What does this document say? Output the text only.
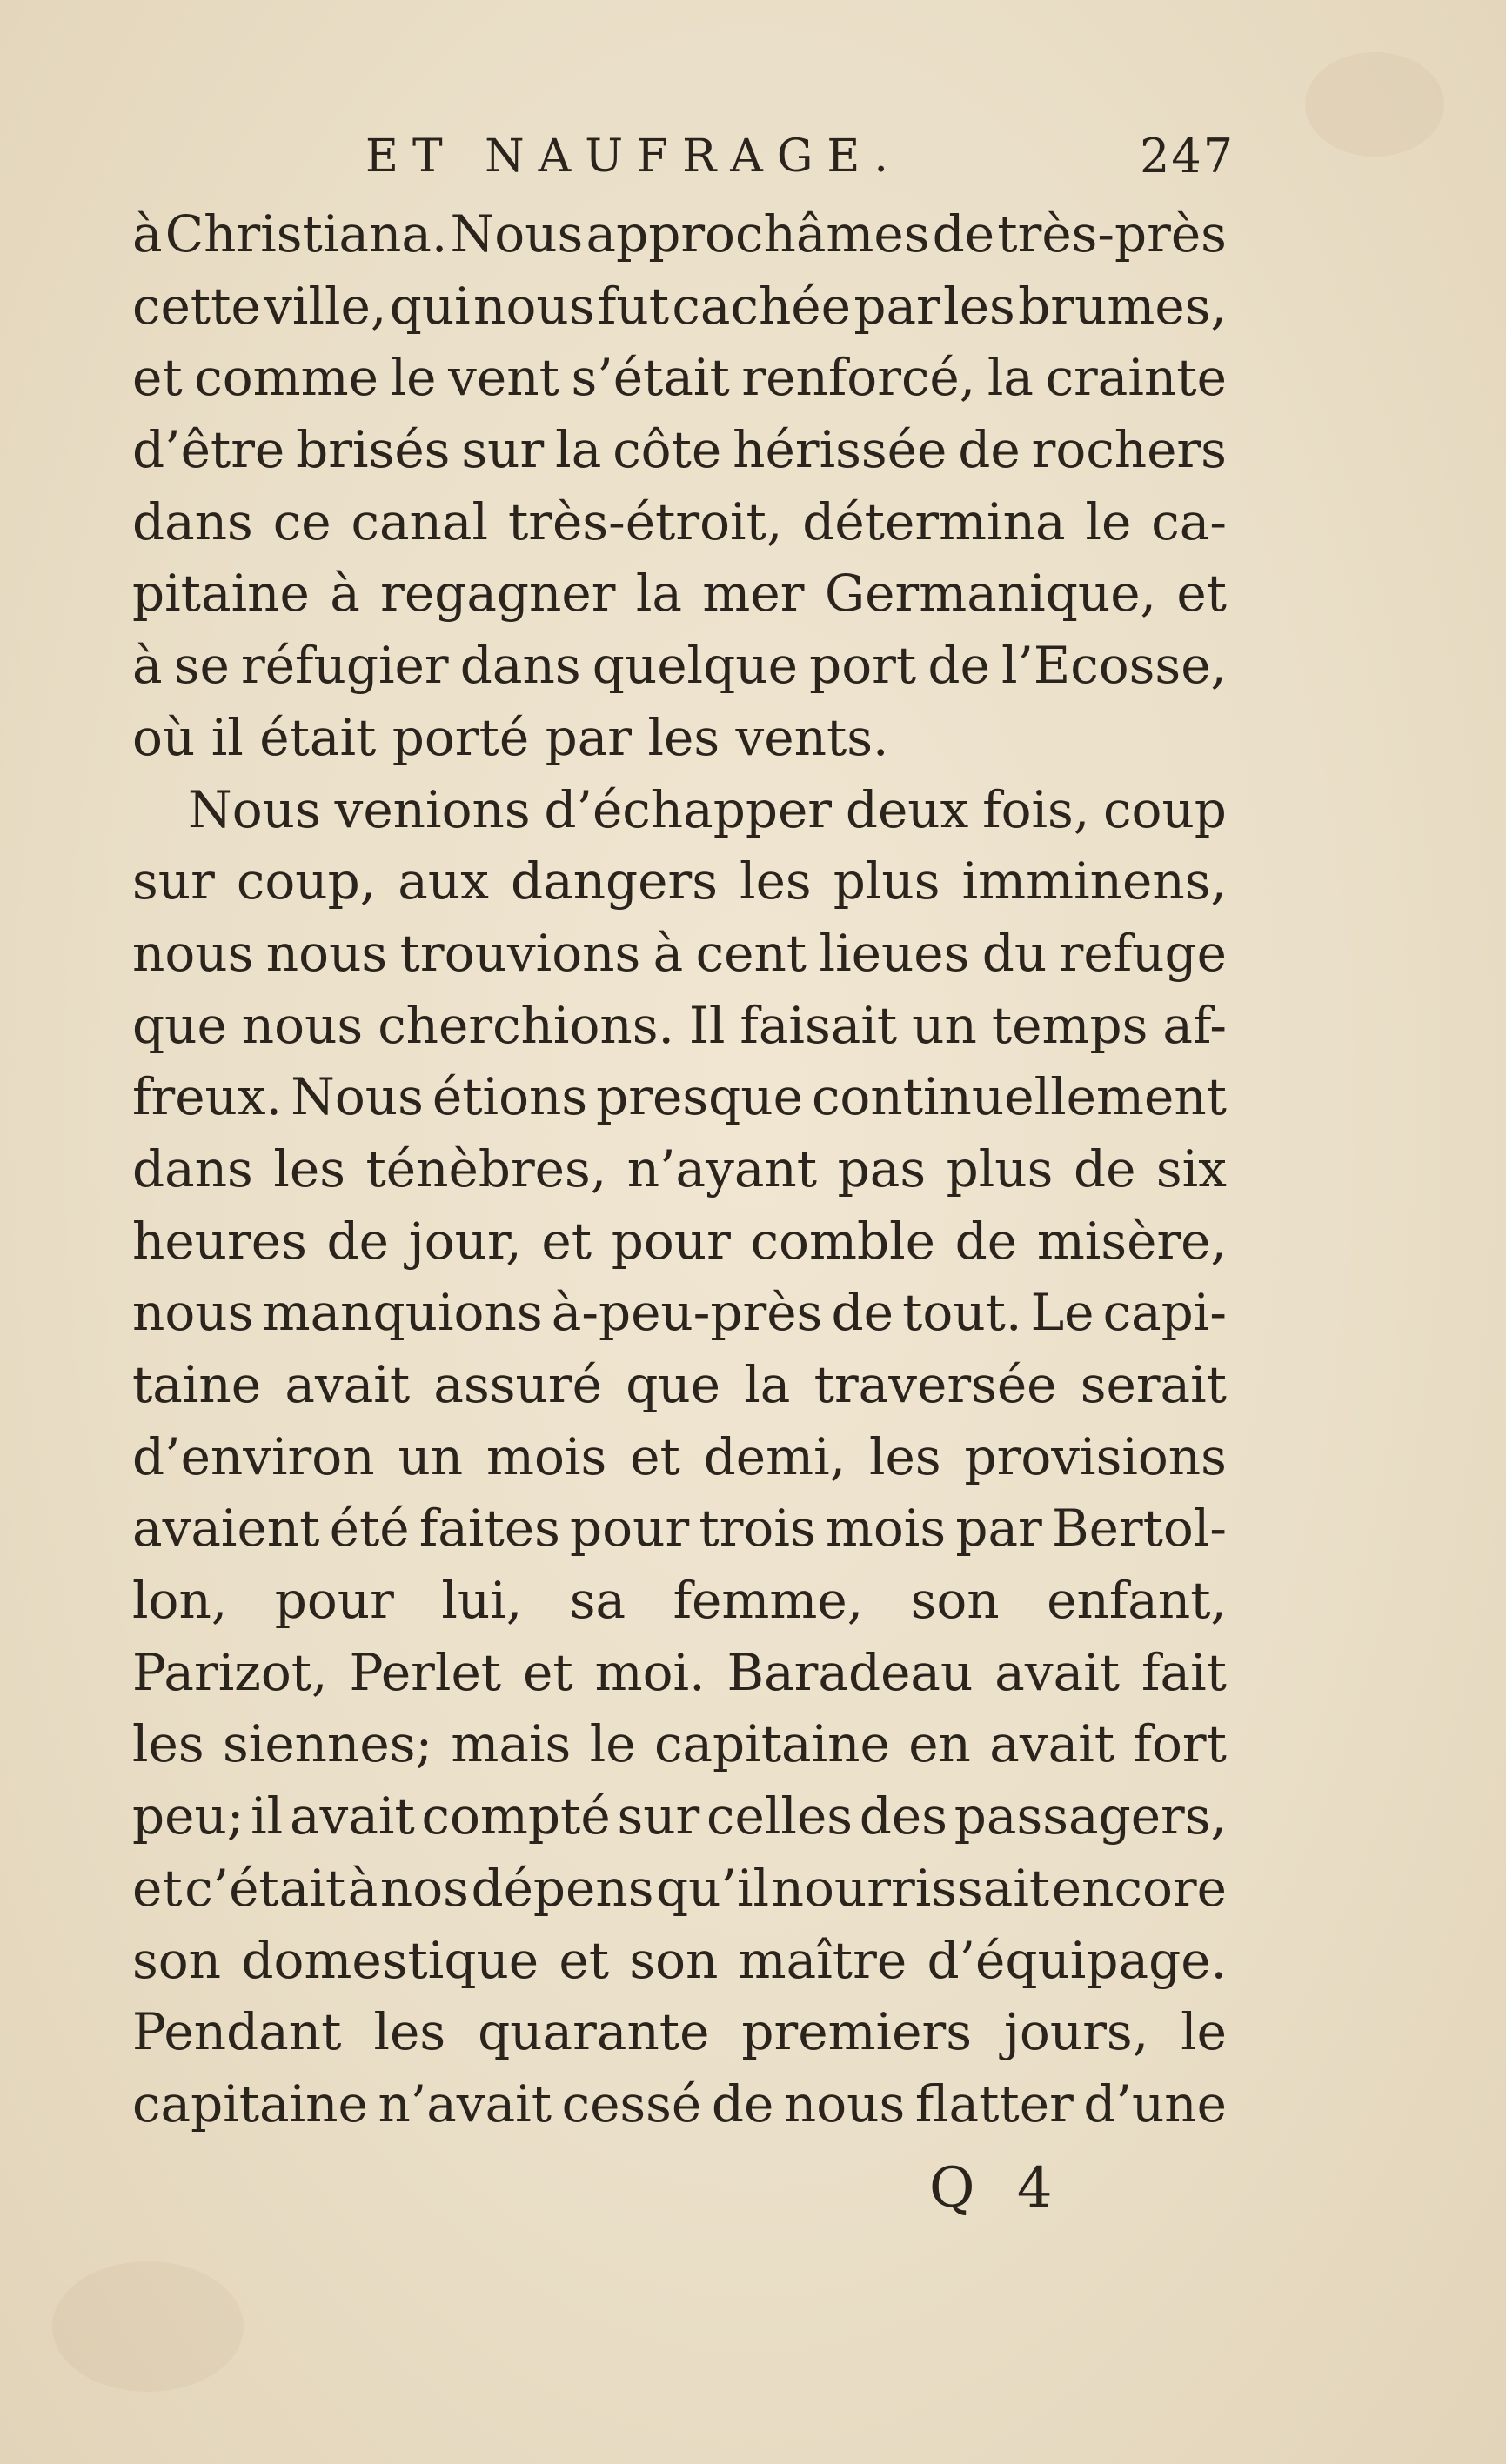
ET NAUFRAGE.	247
à Christiana. Nous approchâmes de très-près
cette ville, qui nous fut cachée par les brumes,
et comme le vent s’était renforcé, la crainte
d’être brisés sur la côte hérissée de rochers
dans ce canal très-étroit, détermina le ca-
pitaine à regagner la mer Germanique, et
à se réfugier dans quelque port de l’Ecosse,
où il était porté par les vents.
Nous venions d’échapper deux fois, coup
sur coup, aux dangers les plus imminens,
nous nous trouvions à cent lieues du refuge
que nous cherchions. Il faisait un temps af-
freux. Nous étions presque continuellement
dans les ténèbres, n’ayant pas plus de six
heures de jour, et pour comble de misère,
nous manquions à-peu-près de tout. Le capi-
taine avait assuré que la traversée serait
d’environ un mois et demi, les provisions
avaient été faites pour trois mois par Bertol-
lon, pour lui, sa femme, son enfant,
Parizot, Perlet et moi. Baradeau avait fait
les siennes; mais le capitaine en avait fort
peu; il avait compté sur celles des passagers,
et c’était à nos dépens qu’il nourrissait encore
son domestique et son maître d’équipage.
Pendant les quarante premiers jours, le
capitaine n’avait cessé de nous flatter d’une
Q 4
